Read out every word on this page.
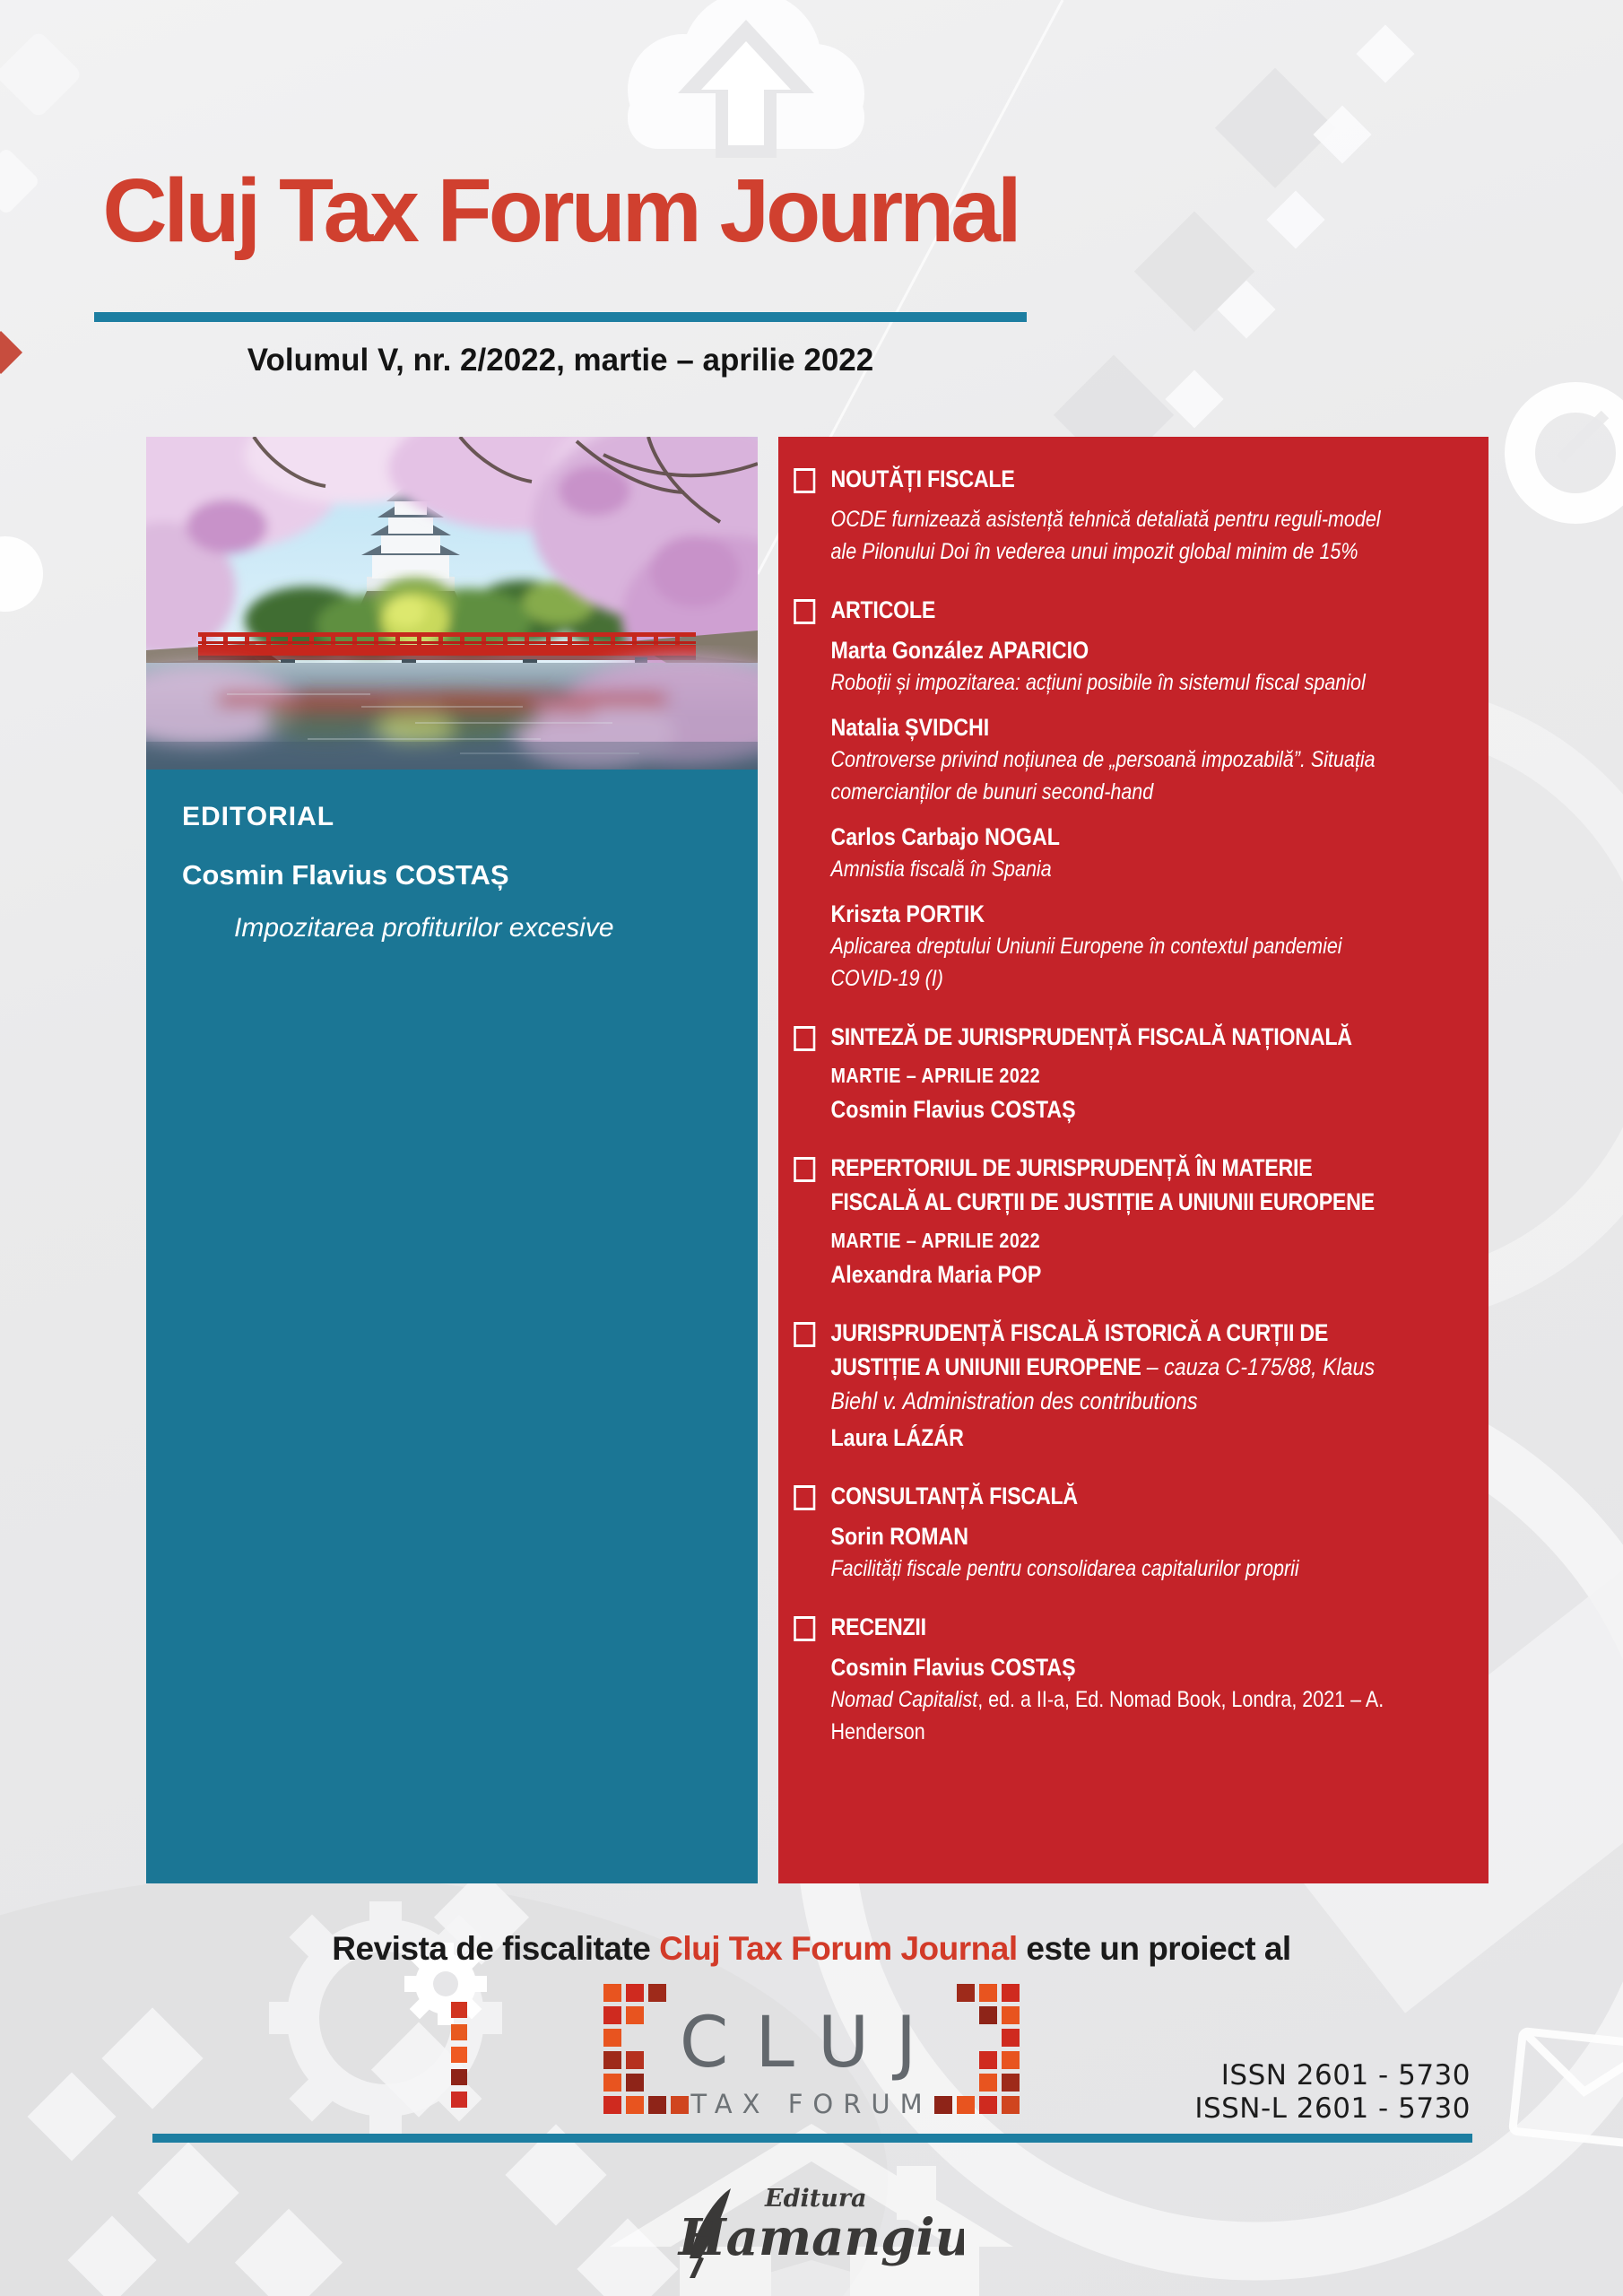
Cluj Tax Forum Journal
Volumul V, nr. 2/2022, martie – aprilie 2022
EDITORIAL
Cosmin Flavius COSTAȘ
Impozitarea profiturilor excesive
NOUTĂȚI FISCALE
OCDE furnizează asistență tehnică detaliată pentru reguli-model ale Pilonului Doi în vederea unui impozit global minim de 15%
ARTICOLE
Marta González APARICIO
Roboții și impozitarea: acțiuni posibile în sistemul fiscal spaniol
Natalia ȘVIDCHI
Controverse privind noțiunea de „persoană impozabilă”. Situația comercianților de bunuri second-hand
Carlos Carbajo NOGAL
Amnistia fiscală în Spania
Kriszta PORTIK
Aplicarea dreptului Uniunii Europene în contextul pandemiei COVID-19 (I)
SINTEZĂ DE JURISPRUDENȚĂ FISCALĂ NAȚIONALĂ
MARTIE – APRILIE 2022
Cosmin Flavius COSTAȘ
REPERTORIUL DE JURISPRUDENȚĂ ÎN MATERIE FISCALĂ AL CURȚII DE JUSTIȚIE A UNIUNII EUROPENE
MARTIE – APRILIE 2022
Alexandra Maria POP
JURISPRUDENȚĂ FISCALĂ ISTORICĂ A CURȚII DE JUSTIȚIE A UNIUNII EUROPENE – cauza C-175/88, Klaus Biehl v. Administration des contributions
Laura LÁZÁR
CONSULTANȚĂ FISCALĂ
Sorin ROMAN
Facilități fiscale pentru consolidarea capitalurilor proprii
RECENZII
Cosmin Flavius COSTAȘ
Nomad Capitalist, ed. a II-a, Ed. Nomad Book, Londra, 2021 – A. Henderson
Revista de fiscalitate Cluj Tax Forum Journal este un proiect al
CLUJ
TAX FORUM
ISSN 2601 - 5730
ISSN-L 2601 - 5730
Editura
Hamangiu
